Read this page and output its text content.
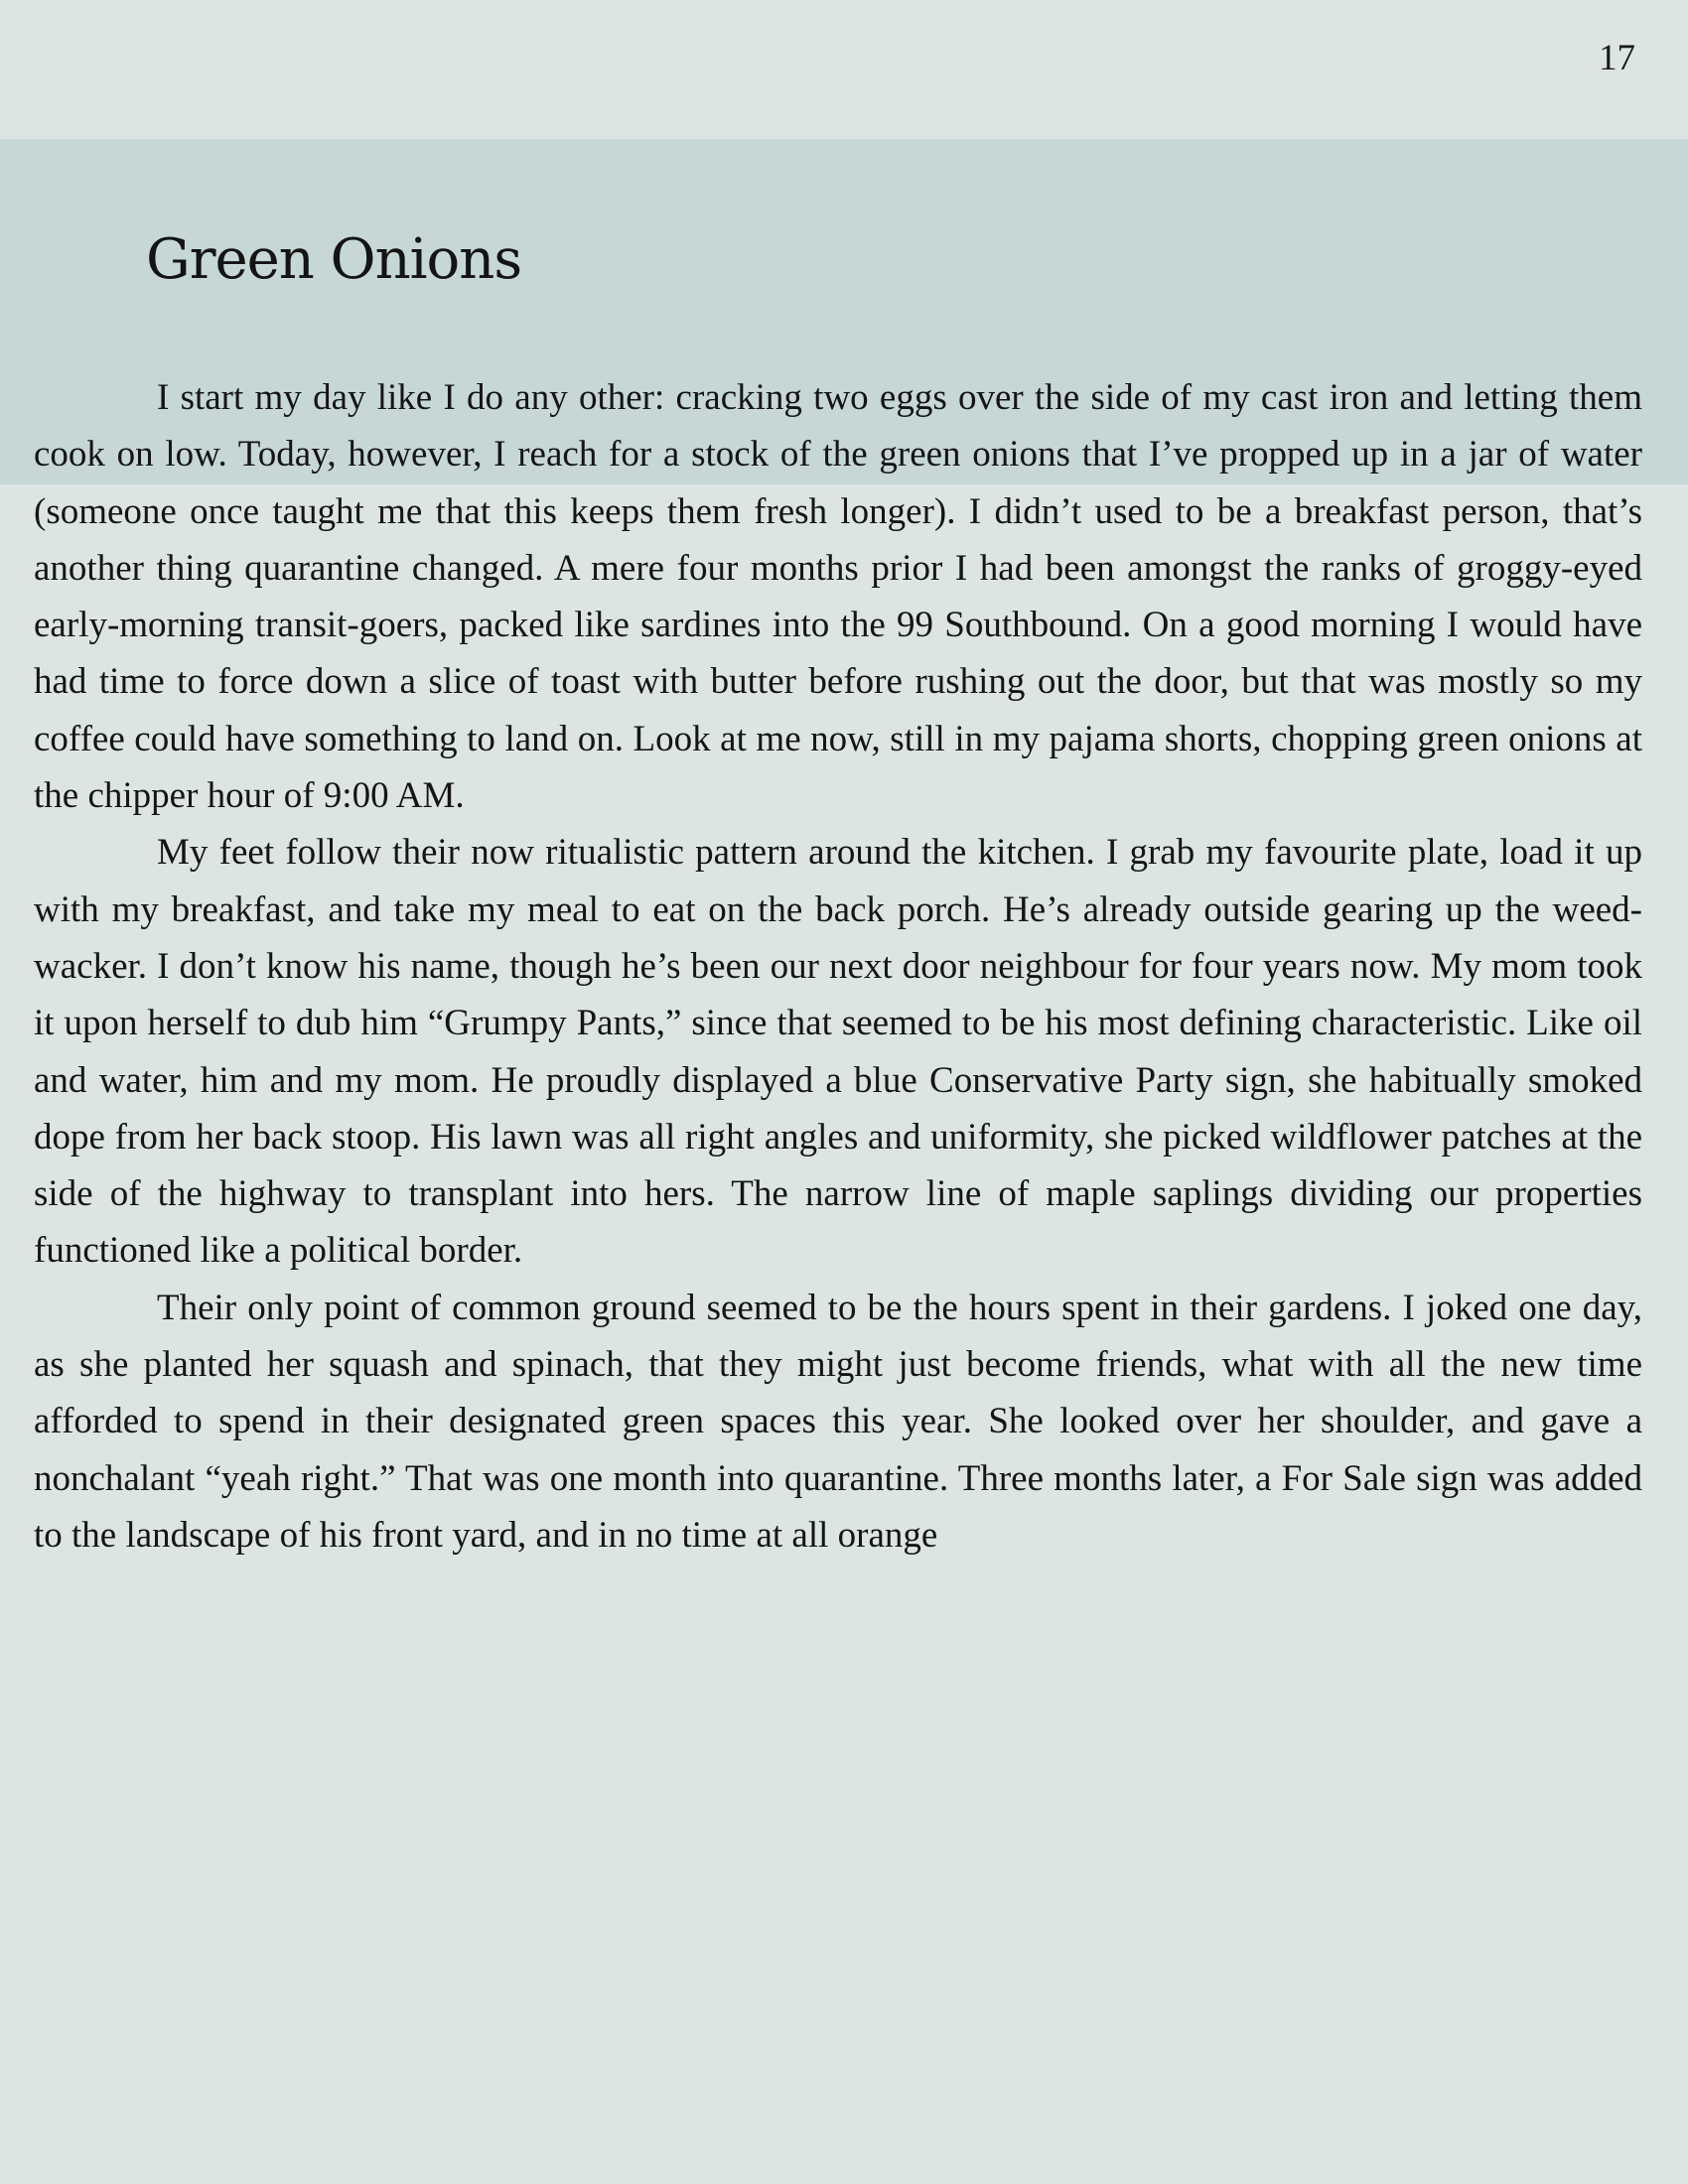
17
Green Onions

I start my day like I do any other: cracking two eggs over the side of my cast iron and letting them cook on low. Today, however, I reach for a stock of the green onions that I’ve propped up in a jar of water (someone once taught me that this keeps them fresh longer). I didn’t used to be a breakfast person, that’s another thing quarantine changed. A mere four months prior I had been amongst the ranks of groggy-eyed early-morning transit-goers, packed like sardines into the 99 Southbound. On a good morning I would have had time to force down a slice of toast with butter before rushing out the door, but that was mostly so my coffee could have something to land on. Look at me now, still in my pajama shorts, chopping green onions at the chipper hour of 9:00 AM.

My feet follow their now ritualistic pattern around the kitchen. I grab my favourite plate, load it up with my breakfast, and take my meal to eat on the back porch. He’s already outside gearing up the weed-wacker. I don’t know his name, though he’s been our next door neighbour for four years now. My mom took it upon herself to dub him “Grumpy Pants,” since that seemed to be his most defining characteristic. Like oil and water, him and my mom. He proudly displayed a blue Conservative Party sign, she habitually smoked dope from her back stoop. His lawn was all right angles and uniformity, she picked wildflower patches at the side of the highway to transplant into hers. The narrow line of maple saplings dividing our properties functioned like a political border.

Their only point of common ground seemed to be the hours spent in their gardens. I joked one day, as she planted her squash and spinach, that they might just become friends, what with all the new time afforded to spend in their designated green spaces this year. She looked over her shoulder, and gave a nonchalant “yeah right.” That was one month into quarantine. Three months later, a For Sale sign was added to the landscape of his front yard, and in no time at all orange
